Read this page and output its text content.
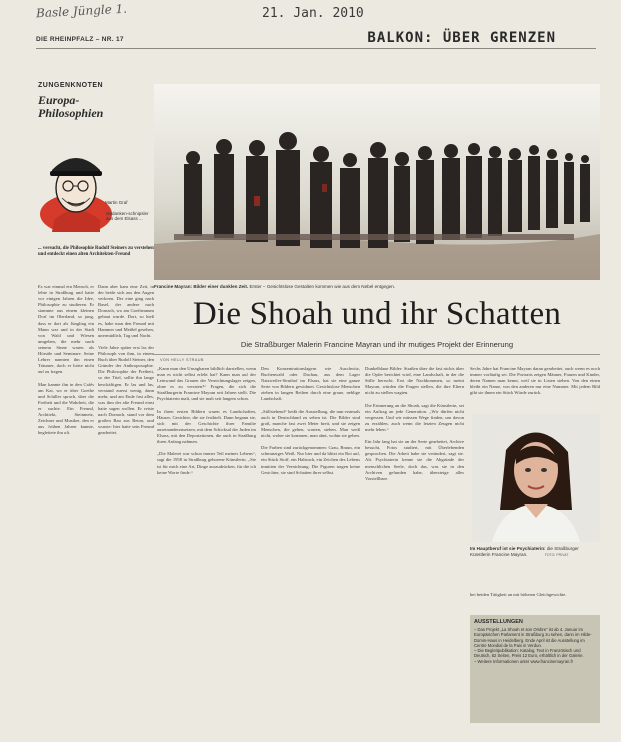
Basle Jüngle 1.	21. Jan. 2010
DIE RHEINPFALZ – NR. 17	BALKON: ÜBER GRENZEN
ZUNGENKNOTEN
Europa-
Philosophien
Martin Graf
Gedanken-schnipsler aus dem Elsass ...
... versucht, die Philosophie Rudolf Steiners zu verstehen und entdeckt einen alten Architekten-Freund
Es war einmal ein Mensch, er lebte in Straßburg und hatte vor einigen Jahren die Idee, Philosophie zu studieren. Er stammte aus einem kleinen Dorf im Oberland, so jung, dass er dort als Jüngling ein Mann war und in der Stadt von Wald und Wiesen umgeben, die mehr nach seinem Sinne waren als Hörsäle und Seminare. Seine Lehrer nannten ihn einen Träumer, doch er hörte nicht auf zu fragen.

Man kannte ihn in den Cafés am Kai, wo er über Goethe und Schiller sprach, über die Freiheit und die Wahrheit, die er suchte. Ein Freund, Architekt, Steinmetz, Zeichner und Musiker, den er aus frühen Jahren kannte, begleitete ihn oft.
Dann aber kam eine Zeit, in der beide sich aus den Augen verloren. Der eine ging nach Basel, der andere nach Dornach, wo am Goetheanum gebaut wurde. Dort, so hieß es, habe man den Freund mit Hammer und Meißel gesehen, unermüdlich, Tag und Nacht.

Viele Jahre später erst las der Philosoph von ihm, in einem Buch über Rudolf Steiner, den Gründer der Anthroposophie. Die Philosophie der Freiheit, so der Titel, sollte ihn lange beschäftigen. Er las und las, verstand zuerst wenig, dann mehr, und am Ende fast alles, was ihm der alte Freund einst hatte sagen wollen. Er reiste nach Dornach, stand vor dem großen Bau aus Beton, und wusste: hier hatte sein Freund gearbeitet.
Francine Mayran: Bilder einer dunklen Zeit. Erster – Gesichtslose Gestalten kommen wie aus dem Nebel entgegen.
Die Shoah und ihr Schatten
Die Straßburger Malerin Francine Mayran und ihr mutiges Projekt der Erinnerung
VON HELLY STRAUB
„Kann man den Unsagbaren bildlich darstellen, wenn man es nicht selbst erlebt hat? Kann man auf der Leinwand das Grauen der Vernichtungslager zeigen, ohne es zu verraten?“ Fragen, die sich die Straßburgerin Francine Mayran seit Jahren stellt. Die Psychiaterin malt, und sie malt seit langem schon.

In ihren ersten Bildern waren es Landschaften, Häuser, Gesichter, die sie festhielt. Dann begann sie, sich mit der Geschichte ihrer Familie auseinanderzusetzen, mit dem Schicksal der Juden im Elsass, mit den Deportationen, die auch in Straßburg ihren Anfang nahmen.

„Die Malerei war schon immer Teil meines Lebens“, sagt die 1958 in Straßburg geborene Künstlerin. „Sie ist für mich eine Art, Dinge auszudrücken, für die ich keine Worte finde.“
Den Konzentrationslagern wie Auschwitz, Buchenwald oder Dachau, aus dem Lager Natzweiler-Struthof im Elsass, hat sie eine ganze Serie von Bildern gewidmet. Gesichtslose Menschen ziehen in langen Reihen durch eine graue, neblige Landschaft.

„Stillstehend“ heißt die Ausstellung, die nun erstmals auch in Deutschland zu sehen ist. Die Bilder sind groß, manche fast zwei Meter breit, und sie zeigen Menschen, die gehen, warten, stehen. Man weiß nicht, woher sie kommen, man ahnt, wohin sie gehen.

Die Farben sind zurückgenommen: Grau, Braun, ein schmutziges Weiß. Nur hier und da blitzt ein Rot auf, ein Stück Stoff, ein Halstuch, ein Zeichen des Lebens inmitten der Vernichtung. Die Figuren tragen keine Gesichter, sie sind Schatten ihrer selbst.
Dunkelblaue Bilder: Straßen über die fast nichts über die Opfer berichtet wird, eine Landschaft, in der die Stille herrscht. Erst die Nachkommen, so meint Mayran, würden die Fragen stellen, die ihre Eltern nicht zu stellen wagten.

Die Erinnerung an die Shoah, sagt die Künstlerin, sei ein Auftrag an jede Generation. „Wir dürfen nicht vergessen. Und wir müssen Wege finden, um davon zu erzählen, auch wenn die letzten Zeugen nicht mehr leben.“

Ein Jahr lang hat sie an der Serie gearbeitet, Archive besucht, Fotos studiert, mit Überlebenden gesprochen. Die Arbeit habe sie verändert, sagt sie. Als Psychiaterin kenne sie die Abgründe der menschlichen Seele, doch das, was sie in den Archiven gefunden habe, übersteige alles Vorstellbare.
Sechs Jahre hat Francine Mayran daran gearbeitet, auch wenn es noch immer vorläufig sei. Die Portraits zeigen Männer, Frauen und Kinder, deren Namen man kennt, weil sie in Listen stehen. Von den einen bleibt ein Name, von den anderen nur eine Nummer. Mit jedem Bild gibt sie ihnen ein Stück Würde zurück.
Im Hauptberuf ist sie Psychiaterin: die Straßburger Künstlerin Francine Mayran.	FOTO: PRIVAT
bei beiden Tätigkeit an mit höheren Gleichgewichte.
AUSSTELLUNGEN
– Das Projekt „La Shoah et son Ombre“ ist ab 4. Januar im Europäischen Parlament in Straßburg zu sehen, dann im Hilde-Domin-Haus in Heidelberg. Ende April ist die Ausstellung im Centre Mondial de la Paix in Verdun.
– Die Begleitpublikation: Katalog, Text in Französisch und Deutsch, 62 Seiten, Preis 12 Euro, erhältlich in der Galerie.
– Weitere Informationen unter www.francinemayran.fr
